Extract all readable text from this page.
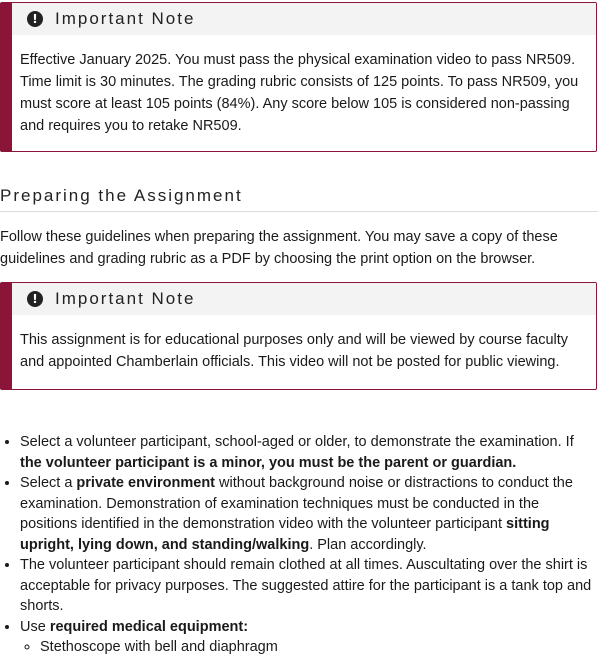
!	Important Note
Effective January 2025. You must pass the physical examination video to pass NR509. Time limit is 30 minutes. The grading rubric consists of 125 points. To pass NR509, you must score at least 105 points (84%). Any score below 105 is considered non-passing and requires you to retake NR509.
Preparing the Assignment

Follow these guidelines when preparing the assignment. You may save a copy of these guidelines and grading rubric as a PDF by choosing the print option on the browser.

!	Important Note
This assignment is for educational purposes only and will be viewed by course faculty and appointed Chamberlain officials. This video will not be posted for public viewing.
• Select a volunteer participant, school-aged or older, to demonstrate the examination. If the volunteer participant is a minor, you must be the parent or guardian.
• Select a private environment without background noise or distractions to conduct the examination. Demonstration of examination techniques must be conducted in the positions identified in the demonstration video with the volunteer participant sitting upright, lying down, and standing/walking. Plan accordingly.
• The volunteer participant should remain clothed at all times. Auscultating over the shirt is acceptable for privacy purposes. The suggested attire for the participant is a tank top and shorts.
• Use required medical equipment:
◦ Stethoscope with bell and diaphragm
